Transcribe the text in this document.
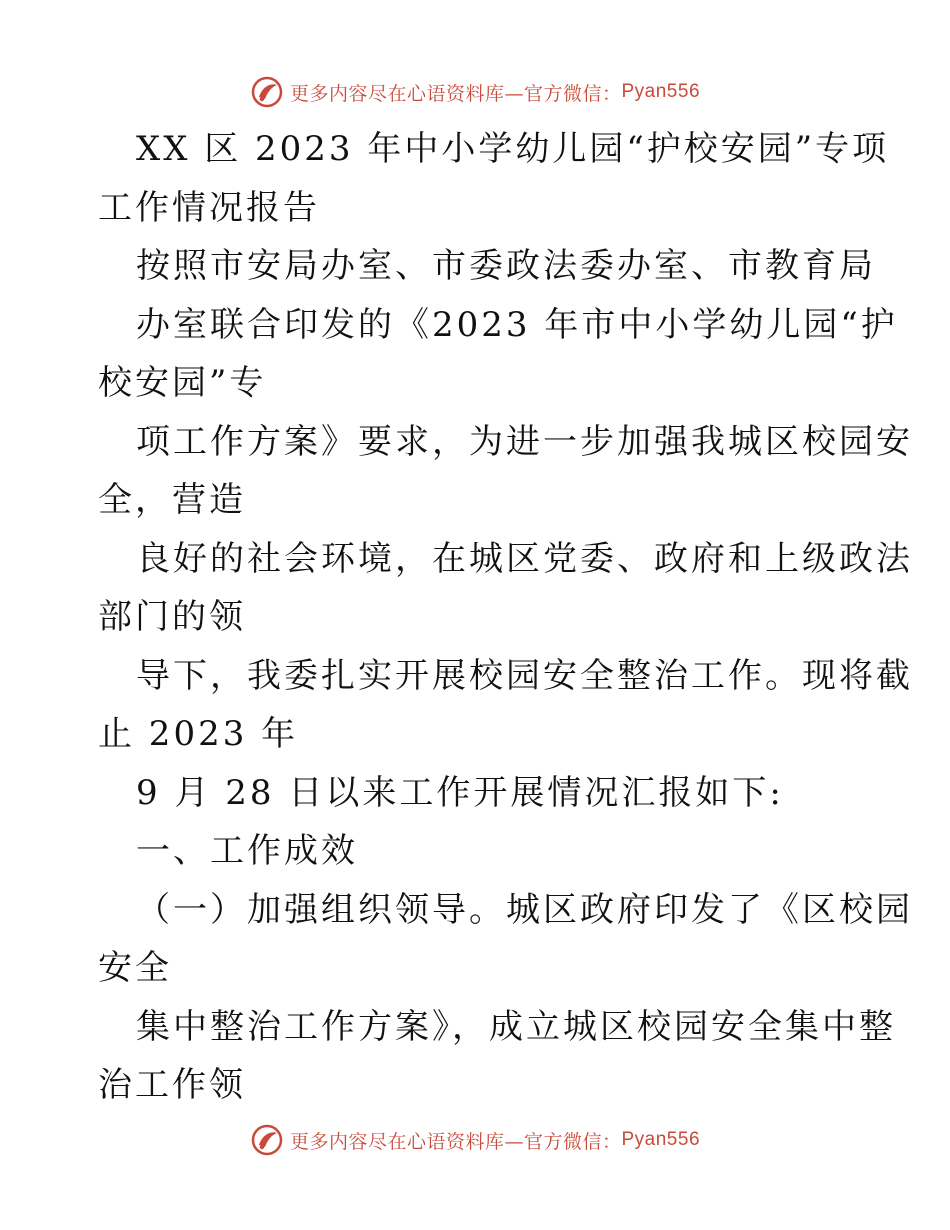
更多内容尽在心语资料库—官方微信： Pyan556
XX 区 2023 年中小学幼儿园“护校安园”专项
工作情况报告
按照市安局办室、市委政法委办室、市教育局
办室联合印发的《2023 年市中小学幼儿园“护
校安园”专
项工作方案》要求，为进一步加强我城区校园安
全，营造
良好的社会环境，在城区党委、政府和上级政法
部门的领
导下，我委扎实开展校园安全整治工作。现将截
止 2023 年
9 月 28 日以来工作开展情况汇报如下:
一、工作成效
（一）加强组织领导。城区政府印发了《区校园
安全
集中整治工作方案》，成立城区校园安全集中整
治工作领
更多内容尽在心语资料库—官方微信： Pyan556
